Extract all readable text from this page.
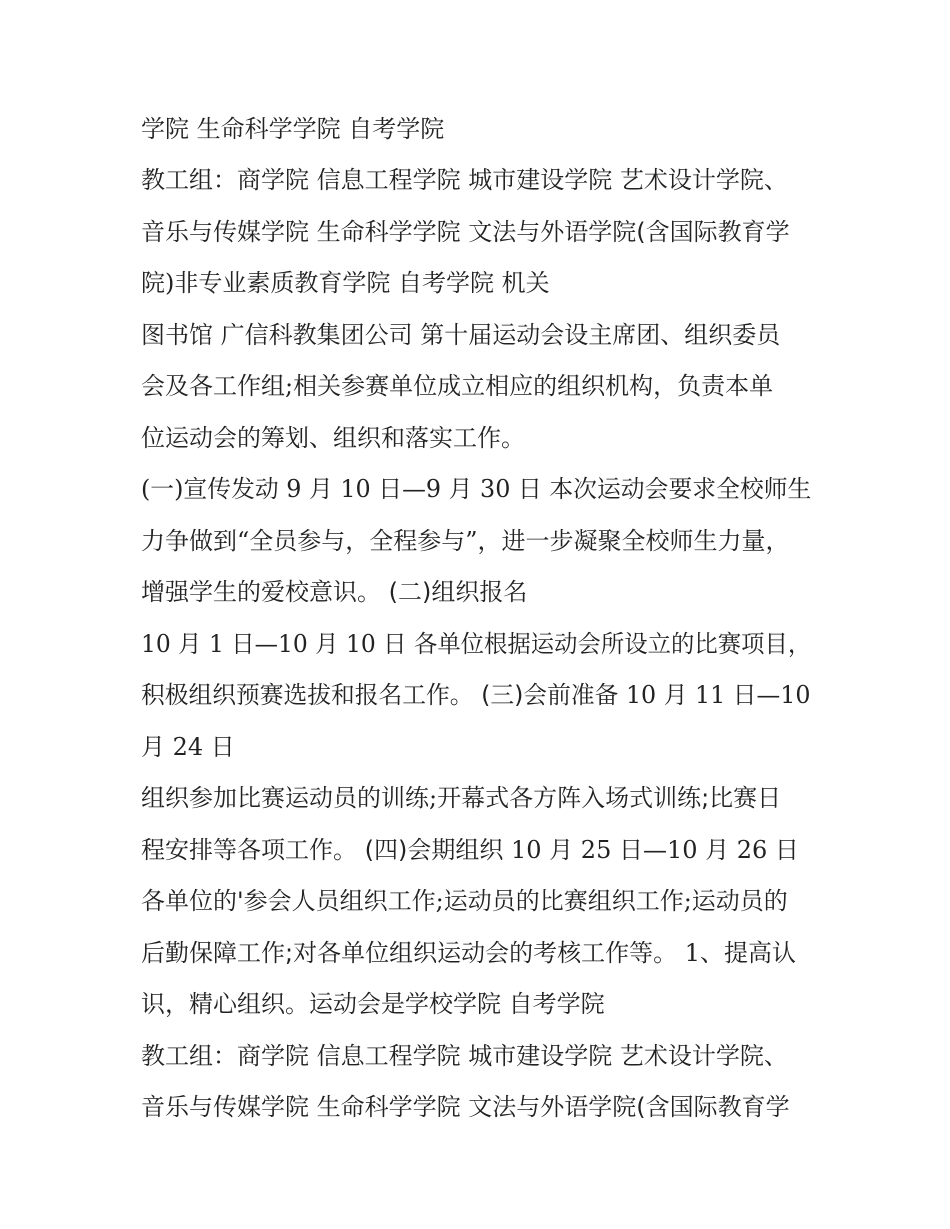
学院 生命科学学院 自考学院
教工组：商学院 信息工程学院 城市建设学院 艺术设计学院、
音乐与传媒学院 生命科学学院 文法与外语学院(含国际教育学
院)非专业素质教育学院 自考学院 机关
图书馆 广信科教集团公司 第十届运动会设主席团、组织委员
会及各工作组;相关参赛单位成立相应的组织机构，负责本单
位运动会的筹划、组织和落实工作。
(一)宣传发动 9 月 10 日—9 月 30 日 本次运动会要求全校师生
力争做到“全员参与，全程参与”，进一步凝聚全校师生力量，
增强学生的爱校意识。 (二)组织报名
10 月 1 日—10 月 10 日 各单位根据运动会所设立的比赛项目，
积极组织预赛选拔和报名工作。 (三)会前准备 10 月 11 日—10
月 24 日
组织参加比赛运动员的训练;开幕式各方阵入场式训练;比赛日
程安排等各项工作。 (四)会期组织 10 月 25 日—10 月 26 日
各单位的'参会人员组织工作;运动员的比赛组织工作;运动员的
后勤保障工作;对各单位组织运动会的考核工作等。 1、提高认
识，精心组织。运动会是学校学院 自考学院
教工组：商学院 信息工程学院 城市建设学院 艺术设计学院、
音乐与传媒学院 生命科学学院 文法与外语学院(含国际教育学
